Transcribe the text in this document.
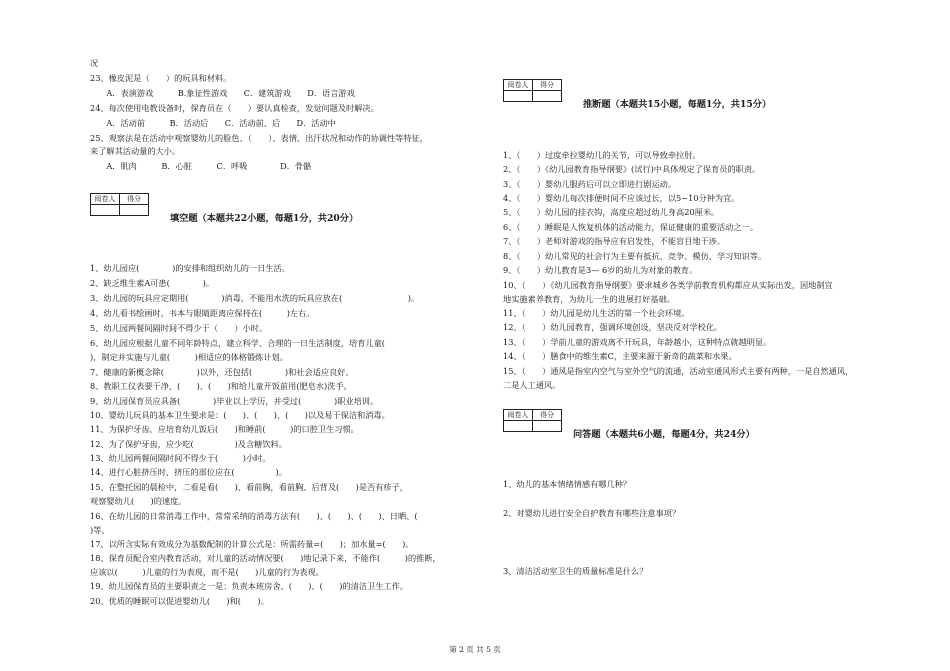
况
23、橡皮泥是（　　）的玩具和材料。
　　A．表演游戏　　　B.象征性游戏　　C．建筑游戏　　D．语言游戏
24、每次使用电教设备时，保育员在（　　）要认真检查，发觉问题及时解决。
　　A．活动前　　　B．活动后　　C．活动前、后　　D．活动中
25、观察法是在活动中观察婴幼儿的脸色、（　　）、表情、出汗状况和动作的协调性等特征，
来了解其活动量的大小。
　　A．肌肉　　　B．心脏　　　C．呼吸　　　　D．骨骼
阅卷人	得分

填空题（本题共22小题，每题1分，共20分）
1、幼儿园应(　　　　)的安排和组织幼儿的一日生活。
2、缺乏维生素A可患(　　　　)。
3、幼儿园的玩具应定期用(　　　　)消毒，不能用水洗的玩具应放在(　　　　　　　　)。
4、幼儿看书绘画时，书本与眼睛距离应保持在(　　　)左右。
5、幼儿园两餐间隔时间不得少于（　　）小时。
6、幼儿园应根据儿童不同年龄特点，建立科学、合理的一日生活制度，培育儿童(　　　
)，制定并实施与儿童(　　　)相适应的体格锻炼计划。
7、健康的新概念除(　　　　)以外，还包括(　　　　)和社会适应良好。
8、教职工仪表要干净，(　　)、(　　)和给儿童开饭前用(肥皂水)洗手。
9、幼儿园保育员应具备(　　　　)毕业以上学历，并受过(　　　　)职业培训。
10、婴幼儿玩具的基本卫生要求是：(　　)、(　　)、(　　)以及易于保洁和消毒。
11、为保护牙齿，应培育幼儿饭后(　　)和睡前(　　　)的口腔卫生习惯。
12、为了保护牙齿，应少吃(　　　　　)及含糖饮料。
13、幼儿园两餐间隔时间不得少于(　　　)小时。
14、进行心脏挤压时，挤压的部位应在(　　　　　)。
15、在整托园的晨检中，二看是看(　　)、看前胸，看前胸、后背及(　　)是否有疹子，
观察婴幼儿(　　)的速度。
16、在幼儿园的日常消毒工作中，常常采纳的消毒方法有(　　)、(　　)、(　　)、日晒、(　　
)等。
17、以所含实际有效成分为基数配制的计算公式是：所需药量=(　　)；加水量=(　　)。
18、保育员配合室内教育活动，对儿童的活动情况要(　　)地记录下来，不能作(　　　)的推断，
应该以(　　　)儿童的行为表现，而不是(　　)儿童的行为表现。
19、幼儿园保育员的主要职责之一是：负责本班房舍、(　　)、(　　)的清洁卫生工作。
20、优质的睡眠可以促进婴幼儿(　　)和(　　)。
阅卷人	得分

推断题（本题共15小题，每题1分，共15分）
1、（　　）过度牵拉婴幼儿的关节，可以导致牵拉肘。
2、（　　）《幼儿园教育指导纲要》(试行)中具体规定了保育员的职责。
3、（　　）婴幼儿服药后可以立即进行剧运动。
4、（　　）婴幼儿每次排便时间不应该过长，以5~10分钟为宜。
5、（　　）幼儿园的挂衣钩，高度应超过幼儿身高20厘米。
6、（　　）睡眠是人恢复机体的活动能力，保证健康的重要活动之一。
7、（　　）老师对游戏的指导应有启发性，不能盲目地干涉。
8、（　　）幼儿常见的社会行为主要有抵抗、竞争、模仿、学习知识等。
9、（　　）幼儿教育是3— 6岁的幼儿为对象的教育。
10、（　　）《幼儿园教育指导纲要》要求城乡各类学前教育机构都应从实际出发，因地制宜
地实施素养教育，为幼儿一生的进展打好基础。
11、（　　）幼儿园是幼儿生活的第一个社会环境。
12、（　　）幼儿园教育，强调环境创设，坚决反对学校化。
13、（　　）学前儿童的游戏离不开玩具，年龄越小，这种特点就越明显。
14、（　　）膳食中的维生素C，主要来源于新奇的蔬菜和水果。
15、（　　）通风是指室内空气与室外空气的流通，活动室通风形式主要有两种，一是自然通风，
二是人工通风。
阅卷人	得分

问答题（本题共6小题，每题4分，共24分）
1、幼儿的基本情绪情感有哪几种？
2、对婴幼儿进行安全自护教育有哪些注意事项？
3、清洁活动室卫生的质量标准是什么？
第 2 页 共 5 页
